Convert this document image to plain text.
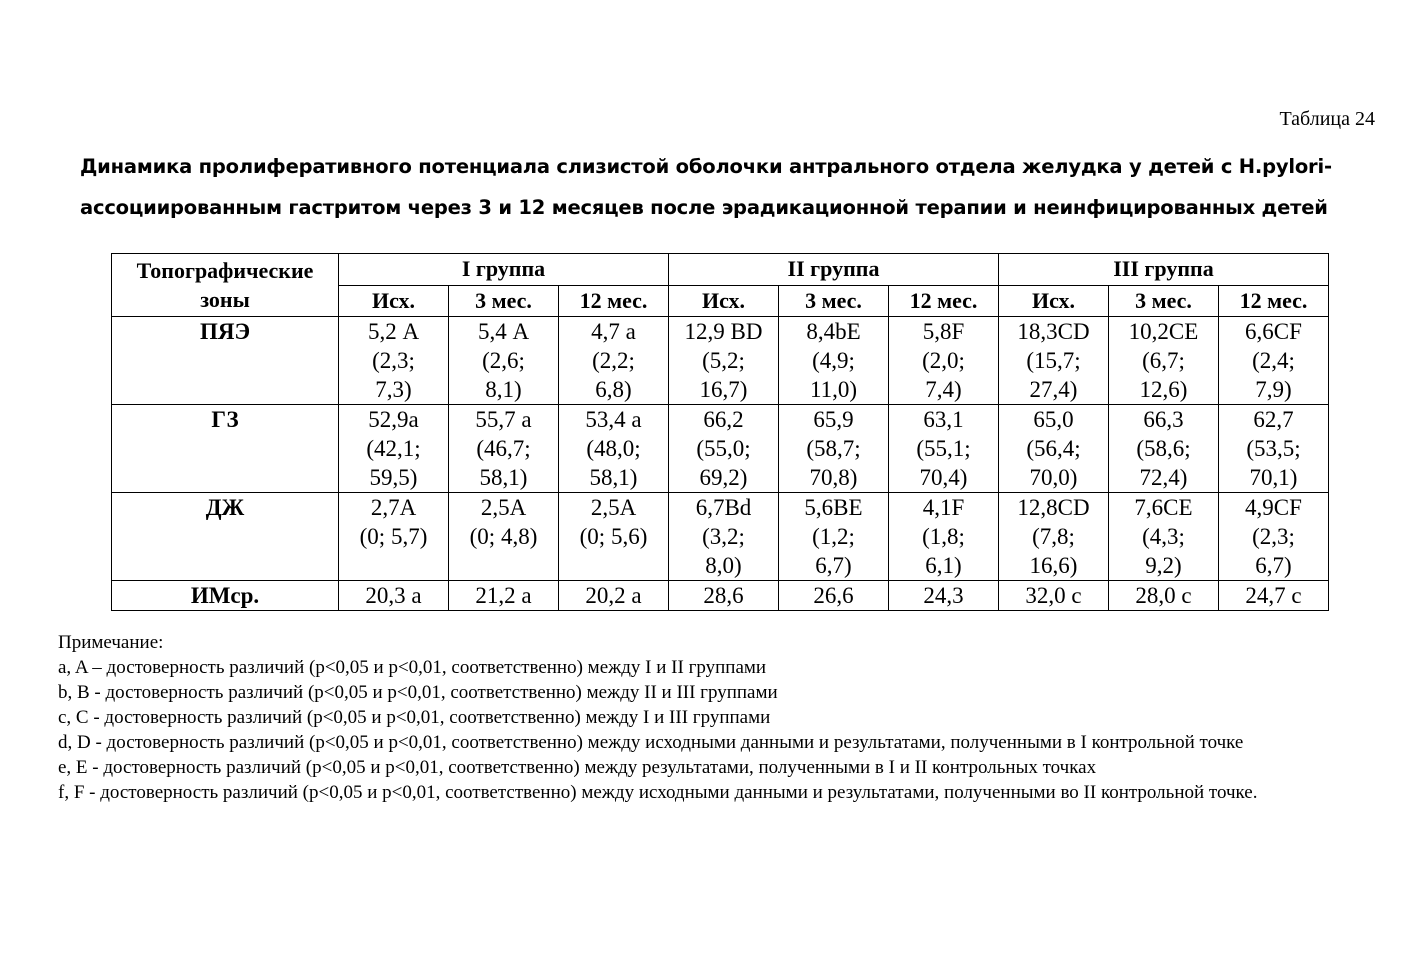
Таблица 24
Динамика пролиферативного потенциала слизистой оболочки антрального отдела желудка у детей с H.pylori-
ассоциированным гастритом через 3 и 12 месяцев после эрадикационной терапии и неинфицированных детей
Топографические
зоны	I группа			II группа			III группа		
	Исх.	3 мес.	12 мес.	Исх.	3 мес.	12 мес.	Исх.	3 мес.	12 мес.
ПЯЭ	5,2 А
(2,3;
7,3)	5,4 А
(2,6;
8,1)	4,7 а
(2,2;
6,8)	12,9 BD
(5,2;
16,7)	8,4bE
(4,9;
11,0)	5,8F
(2,0;
7,4)	18,3CD
(15,7;
27,4)	10,2CE
(6,7;
12,6)	6,6CF
(2,4;
7,9)

ГЗ	52,9а
(42,1;
59,5)	55,7 а
(46,7;
58,1)	53,4 а
(48,0;
58,1)	66,2
(55,0;
69,2)	65,9
(58,7;
70,8)	63,1
(55,1;
70,4)	65,0
(56,4;
70,0)	66,3
(58,6;
72,4)	62,7
(53,5;
70,1)

ДЖ	2,7А
(0; 5,7)	2,5А
(0; 4,8)	2,5А
(0; 5,6)	6,7Bd
(3,2;
8,0)	5,6BE
(1,2;
6,7)	4,1F
(1,8;
6,1)	12,8CD
(7,8;
16,6)	7,6CE
(4,3;
9,2)	4,9CF
(2,3;
6,7)

ИМср.	20,3 а	21,2 а	20,2 а	28,6	26,6	24,3	32,0 с	28,0 с	24,7 с
Примечание:
a, A – достоверность различий (р<0,05 и р<0,01, соответственно) между I и II группами
b, B - достоверность различий (р<0,05 и р<0,01, соответственно) между II и III группами
c, C - достоверность различий (р<0,05 и р<0,01, соответственно) между I и III группами
d, D - достоверность различий (р<0,05 и р<0,01, соответственно) между исходными данными и результатами, полученными в I контрольной точке
e, E - достоверность различий (р<0,05 и р<0,01, соответственно) между результатами, полученными в I и II контрольных точках
f, F - достоверность различий (р<0,05 и р<0,01, соответственно) между исходными данными и результатами, полученными во II контрольной точке.
